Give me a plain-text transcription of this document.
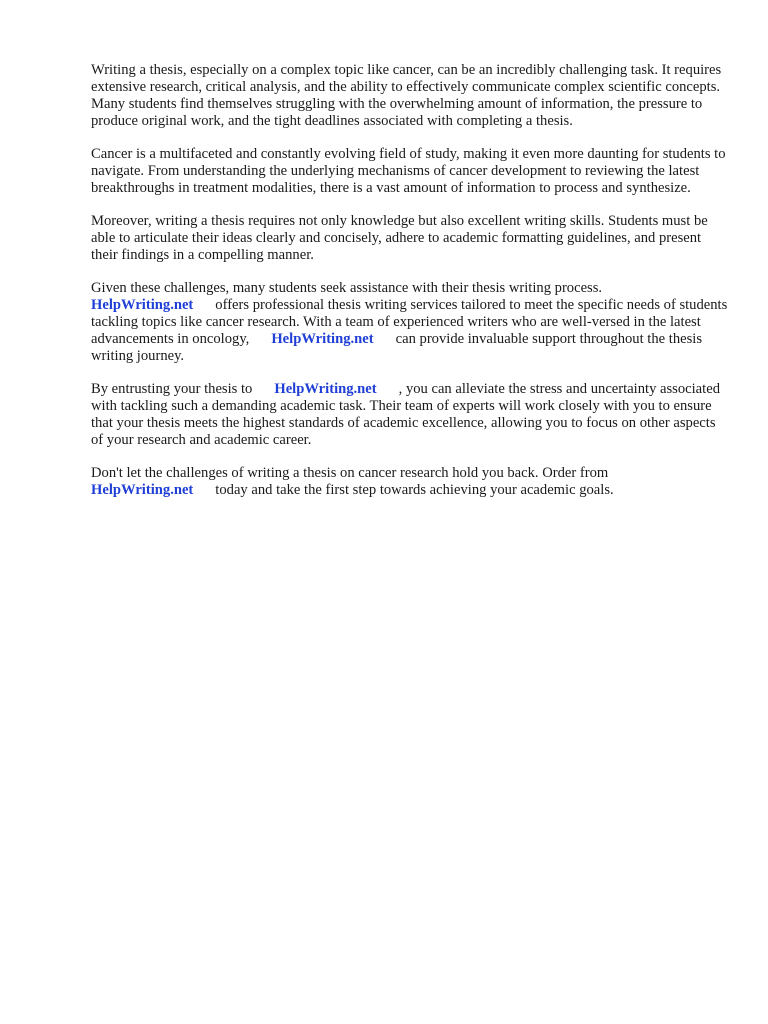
Writing a thesis, especially on a complex topic like cancer, can be an incredibly challenging task. It requires extensive research, critical analysis, and the ability to effectively communicate complex scientific concepts. Many students find themselves struggling with the overwhelming amount of information, the pressure to produce original work, and the tight deadlines associated with completing a thesis.

Cancer is a multifaceted and constantly evolving field of study, making it even more daunting for students to navigate. From understanding the underlying mechanisms of cancer development to reviewing the latest breakthroughs in treatment modalities, there is a vast amount of information to process and synthesize.

Moreover, writing a thesis requires not only knowledge but also excellent writing skills. Students must be able to articulate their ideas clearly and concisely, adhere to academic formatting guidelines, and present their findings in a compelling manner.

Given these challenges, many students seek assistance with their thesis writing process.
HelpWriting.net offers professional thesis writing services tailored to meet the specific needs of students tackling topics like cancer research. With a team of experienced writers who are well-versed in the latest advancements in oncology, HelpWriting.net can provide invaluable support throughout the thesis writing journey.

By entrusting your thesis to HelpWriting.net , you can alleviate the stress and uncertainty associated with tackling such a demanding academic task. Their team of experts will work closely with you to ensure that your thesis meets the highest standards of academic excellence, allowing you to focus on other aspects of your research and academic career.

Don't let the challenges of writing a thesis on cancer research hold you back. Order from
HelpWriting.net today and take the first step towards achieving your academic goals.
